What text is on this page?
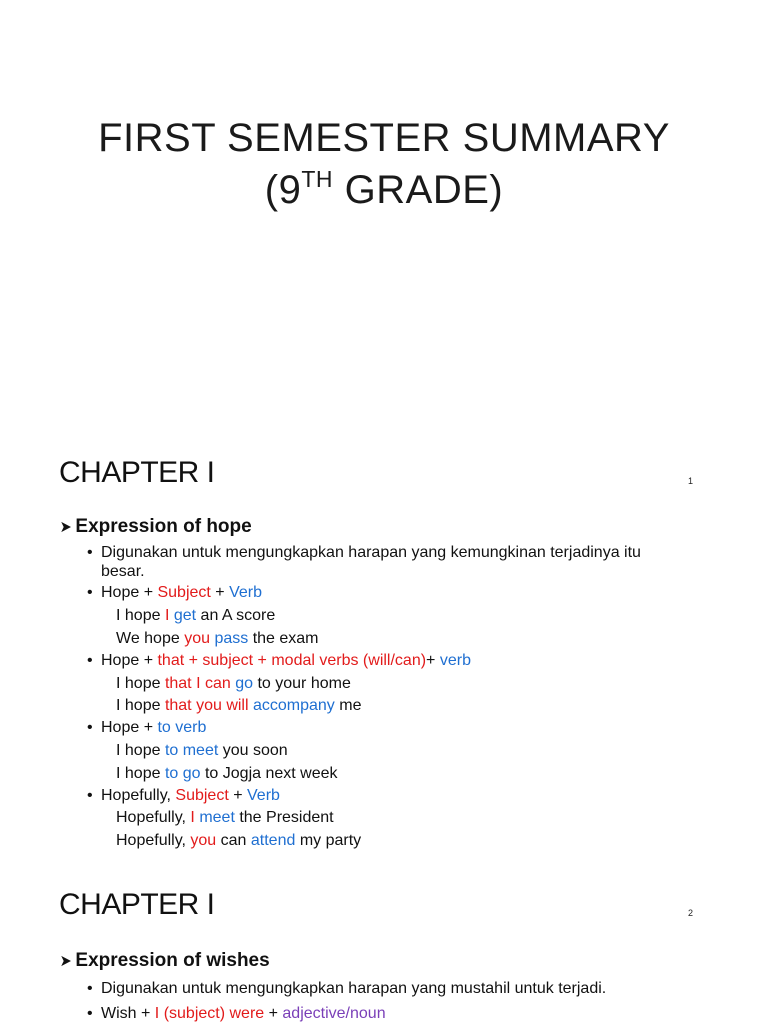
FIRST SEMESTER SUMMARY
(9TH GRADE)
CHAPTER I	1
➤ Expression of hope
• Digunakan untuk mengungkapkan harapan yang kemungkinan terjadinya itu
besar.
• Hope + Subject + Verb
I hope I get an A score
We hope you pass the exam
• Hope + that + subject + modal verbs (will/can)+ verb
I hope that I can go to your home
I hope that you will accompany me
• Hope + to verb
I hope to meet you soon
I hope to go to Jogja next week
• Hopefully, Subject + Verb
Hopefully, I meet the President
Hopefully, you can attend my party
CHAPTER I	2
➤ Expression of wishes
• Digunakan untuk mengungkapkan harapan yang mustahil untuk terjadi.
• Wish + I (subject) were + adjective/noun
